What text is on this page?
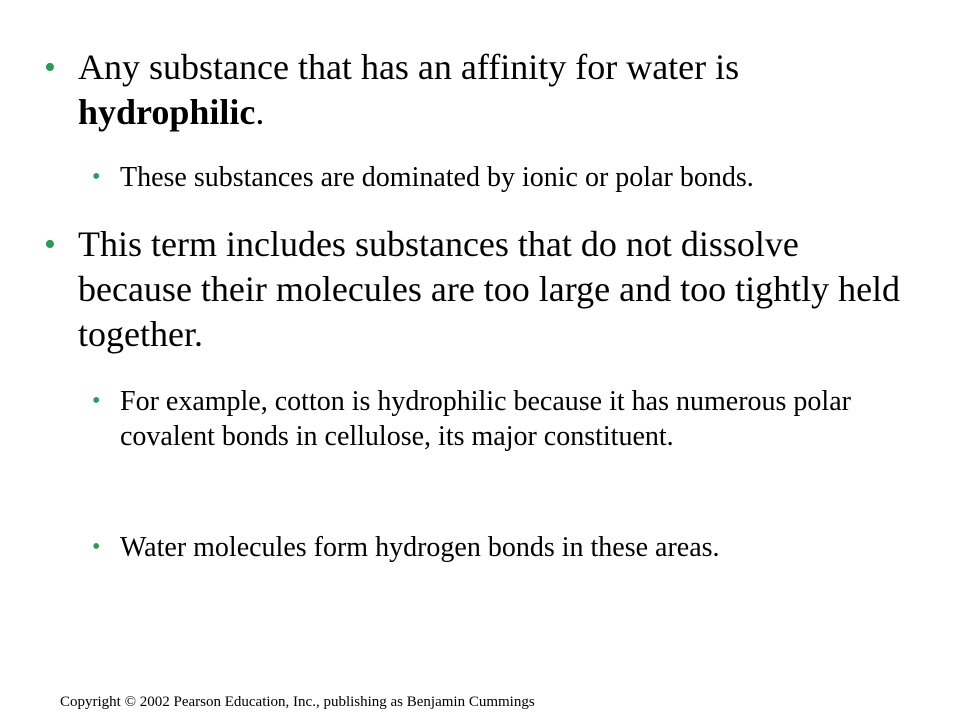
• Any substance that has an affinity for water is hydrophilic.

• These substances are dominated by ionic or polar bonds.

• This term includes substances that do not dissolve because their molecules are too large and too tightly held together.

• For example, cotton is hydrophilic because it has numerous polar covalent bonds in cellulose, its major constituent.

• Water molecules form hydrogen bonds in these areas.

Copyright © 2002 Pearson Education, Inc., publishing as Benjamin Cummings
